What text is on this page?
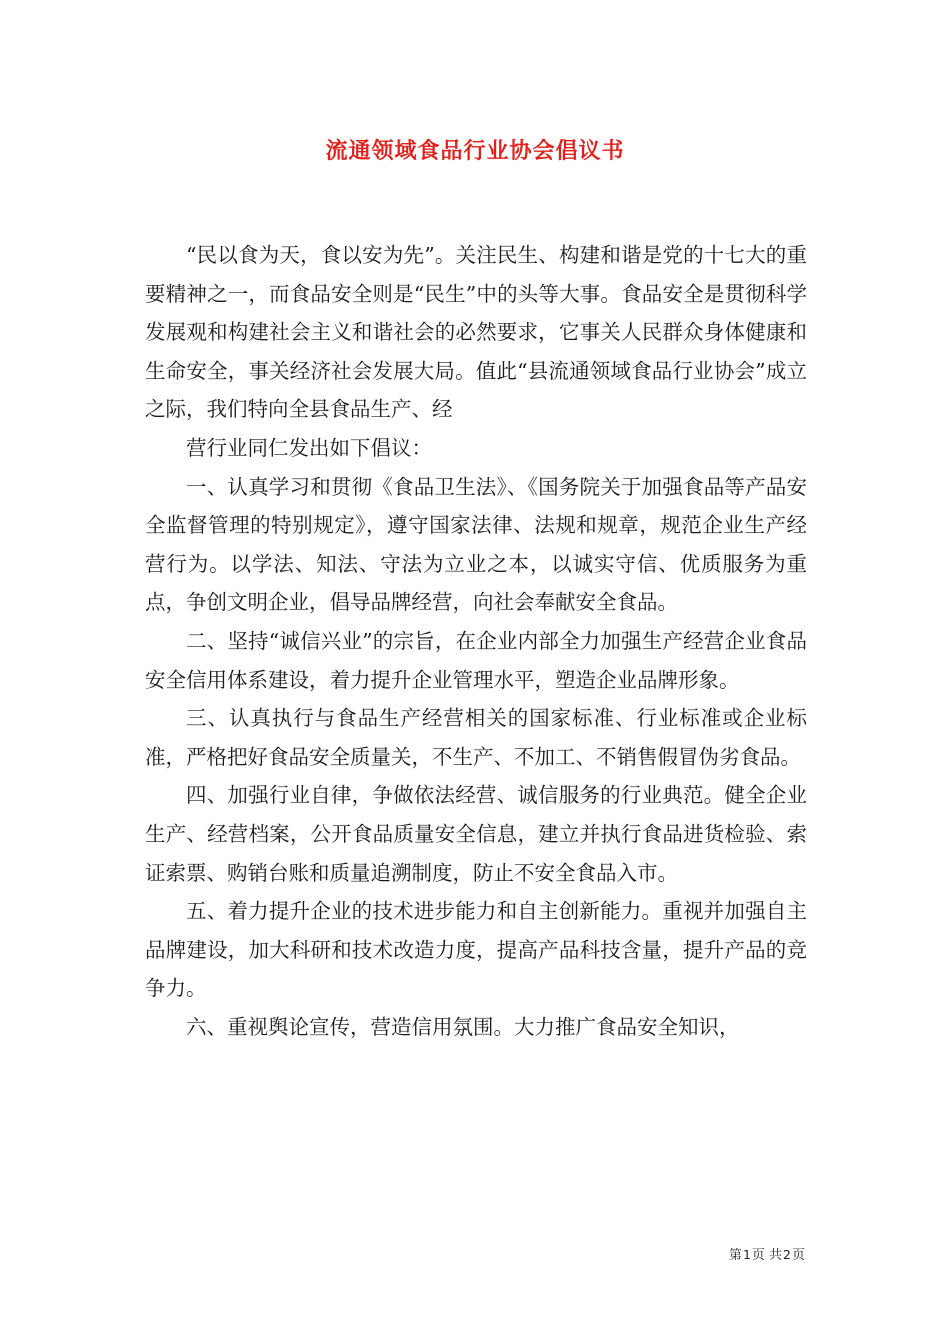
流通领域食品行业协会倡议书

“民以食为天，食以安为先”。关注民生、构建和谐是党的十七大的重要精神之一，而食品安全则是“民生”中的头等大事。食品安全是贯彻科学发展观和构建社会主义和谐社会的必然要求，它事关人民群众身体健康和生命安全，事关经济社会发展大局。值此“县流通领域食品行业协会”成立之际，我们特向全县食品生产、经

营行业同仁发出如下倡议：

一、认真学习和贯彻《食品卫生法》、《国务院关于加强食品等产品安全监督管理的特别规定》，遵守国家法律、法规和规章，规范企业生产经营行为。以学法、知法、守法为立业之本，以诚实守信、优质服务为重点，争创文明企业，倡导品牌经营，向社会奉献安全食品。

二、坚持“诚信兴业”的宗旨，在企业内部全力加强生产经营企业食品安全信用体系建设，着力提升企业管理水平，塑造企业品牌形象。

三、认真执行与食品生产经营相关的国家标准、行业标准或企业标准，严格把好食品安全质量关，不生产、不加工、不销售假冒伪劣食品。

四、加强行业自律，争做依法经营、诚信服务的行业典范。健全企业生产、经营档案，公开食品质量安全信息，建立并执行食品进货检验、索证索票、购销台账和质量追溯制度，防止不安全食品入市。

五、着力提升企业的技术进步能力和自主创新能力。重视并加强自主品牌建设，加大科研和技术改造力度，提高产品科技含量，提升产品的竞争力。

六、重视舆论宣传，营造信用氛围。大力推广食品安全知识，

第1页 共2页
